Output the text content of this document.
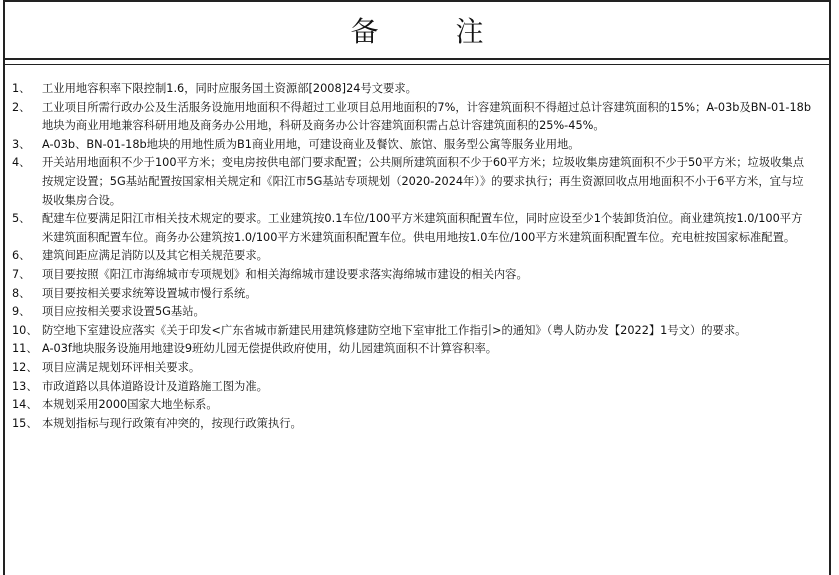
备 注
1、	工业用地容积率下限控制1.6，同时应服务国土资源部[2008]24号文要求。
2、	工业项目所需行政办公及生活服务设施用地面积不得超过工业项目总用地面积的7%，计容建筑面积不得超过总计容建筑面积的15%；A-03b及BN-01-18b地块为商业用地兼容科研用地及商务办公用地，科研及商务办公计容建筑面积需占总计容建筑面积的25%-45%。
3、	A-03b、BN-01-18b地块的用地性质为B1商业用地，可建设商业及餐饮、旅馆、服务型公寓等服务业用地。
4、	开关站用地面积不少于100平方米；变电房按供电部门要求配置；公共厕所建筑面积不少于60平方米；垃圾收集房建筑面积不少于50平方米；垃圾收集点按规定设置；5G基站配置按国家相关规定和《阳江市5G基站专项规划（2020-2024年）》的要求执行；再生资源回收点用地面积不小于6平方米，宜与垃圾收集房合设。
5、	配建车位要满足阳江市相关技术规定的要求。工业建筑按0.1车位/100平方米建筑面积配置车位，同时应设至少1个装卸货泊位。商业建筑按1.0/100平方米建筑面积配置车位。商务办公建筑按1.0/100平方米建筑面积配置车位。供电用地按1.0车位/100平方米建筑面积配置车位。充电桩按国家标准配置。
6、	建筑间距应满足消防以及其它相关规范要求。
7、	项目要按照《阳江市海绵城市专项规划》和相关海绵城市建设要求落实海绵城市建设的相关内容。
8、	项目要按相关要求统筹设置城市慢行系统。
9、	项目应按相关要求设置5G基站。
10、 防空地下室建设应落实《关于印发<广东省城市新建民用建筑修建防空地下室审批工作指引>的通知》（粤人防办发【2022】1号文）的要求。
11、 A-03f地块服务设施用地建设9班幼儿园无偿提供政府使用，幼儿园建筑面积不计算容积率。
12、 项目应满足规划环评相关要求。
13、 市政道路以具体道路设计及道路施工图为准。
14、 本规划采用2000国家大地坐标系。
15、 本规划指标与现行政策有冲突的，按现行政策执行。
